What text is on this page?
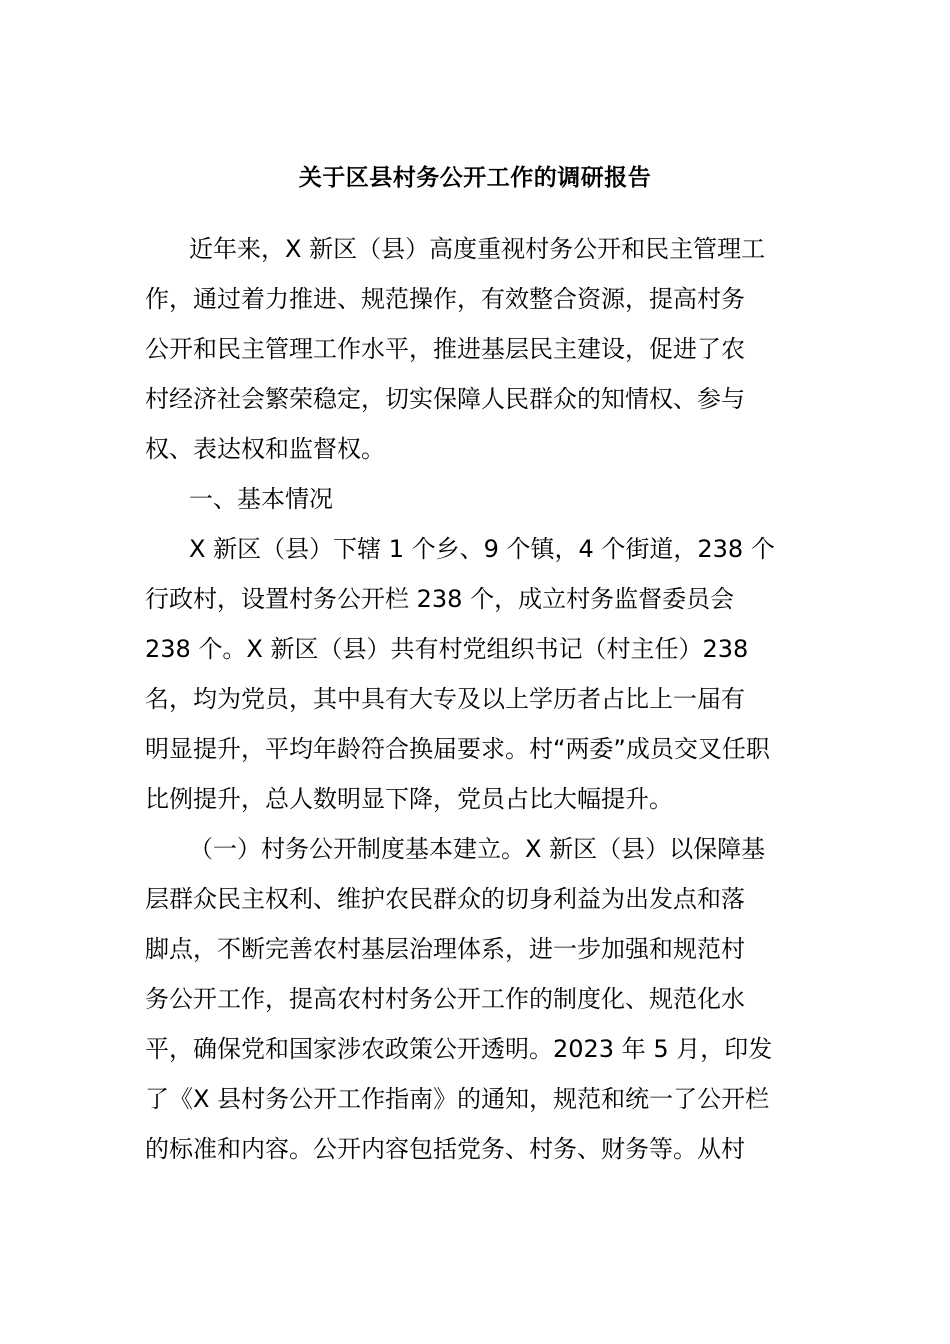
关于区县村务公开工作的调研报告
近年来，X 新区（县）高度重视村务公开和民主管理工
作，通过着力推进、规范操作，有效整合资源，提高村务
公开和民主管理工作水平，推进基层民主建设，促进了农
村经济社会繁荣稳定，切实保障人民群众的知情权、参与
权、表达权和监督权。
一、基本情况
X 新区（县）下辖 1 个乡、9 个镇，4 个街道，238 个
行政村，设置村务公开栏 238 个，成立村务监督委员会
238 个。X 新区（县）共有村党组织书记（村主任）238
名，均为党员，其中具有大专及以上学历者占比上一届有
明显提升，平均年龄符合换届要求。村“两委”成员交叉任职
比例提升，总人数明显下降，党员占比大幅提升。
（一）村务公开制度基本建立。X 新区（县）以保障基
层群众民主权利、维护农民群众的切身利益为出发点和落
脚点，不断完善农村基层治理体系，进一步加强和规范村
务公开工作，提高农村村务公开工作的制度化、规范化水
平，确保党和国家涉农政策公开透明。2023 年 5 月，印发
了《X 县村务公开工作指南》的通知，规范和统一了公开栏
的标准和内容。公开内容包括党务、村务、财务等。从村
